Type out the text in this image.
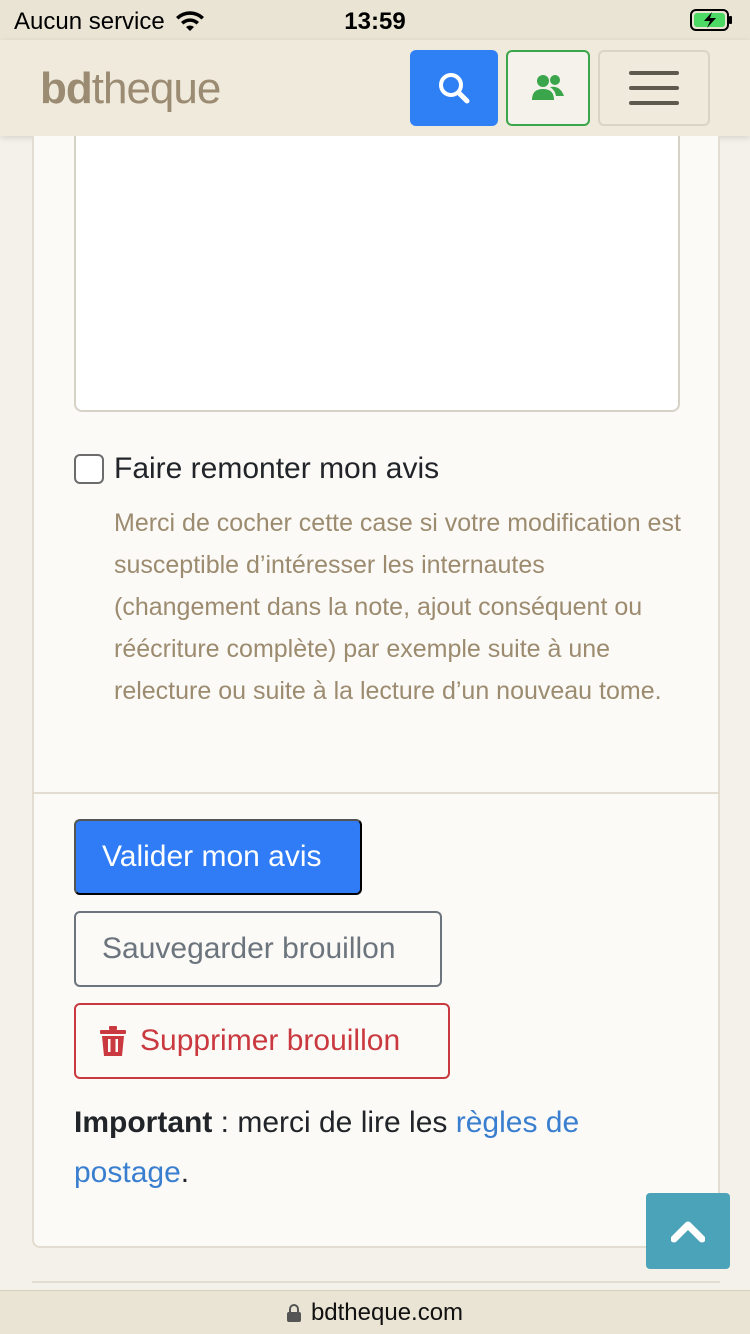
Aucun service	13:59
bdtheque
Faire remonter mon avis
Merci de cocher cette case si votre modification est susceptible d’intéresser les internautes (changement dans la note, ajout conséquent ou réécriture complète) par exemple suite à une relecture ou suite à la lecture d’un nouveau tome.
Valider mon avis
Sauvegarder brouillon
Supprimer brouillon

Important : merci de lire les règles de postage.

bdtheque.com
